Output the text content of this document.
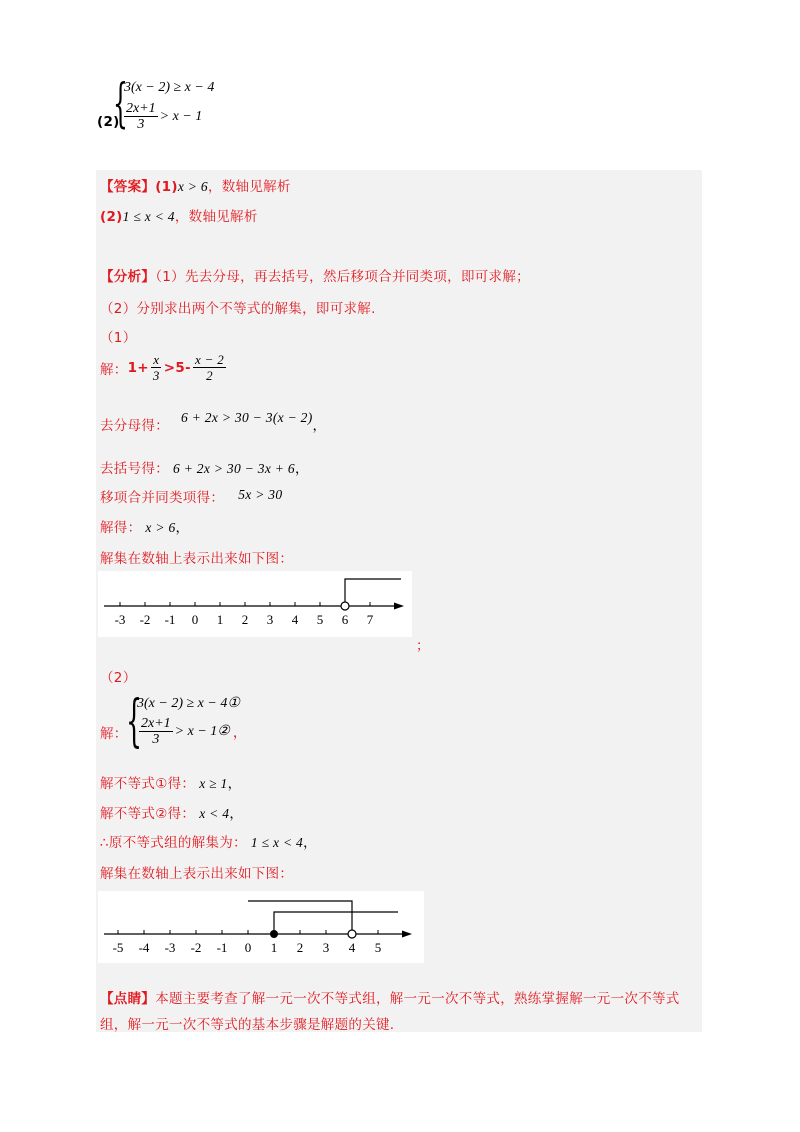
(2)
{
3(x − 2) ≥ x − 4
$\frac{2x+1}{3} > x - 1$
【答案】(1)x > 6，数轴见解析
(2)1 ≤ x < 4，数轴见解析
【分析】（1）先去分母，再去括号，然后移项合并同类项，即可求解；
（2）分别求出两个不等式的解集，即可求解.
（1）
解： $1+ \frac{x}{3} >5- \frac{x - 2}{2}$
去分母得：
6 + 2x > 30 − 3(x − 2)
，
去括号得： 6 + 2x > 30 − 3x + 6 ，
移项合并同类项得： 5x > 30
解得： x > 6 ，
解集在数轴上表示出来如下图：
-3 -2 -1 0 1 2 3 4 5 6 7
；
（2）
解：
{
3(x − 2) ≥ x − 4①
$\frac{2x+1}{3} > x$ − 1② ，
解不等式①得： x ≥ 1 ，
解不等式②得： x < 4 ，
∴原不等式组的解集为： 1 ≤ x < 4 ，
解集在数轴上表示出来如下图：
-5 -4 -3 -2 -1 0 1 2 3 4 5
【点睛】本题主要考查了解一元一次不等式组，解一元一次不等式，熟练掌握解一元一次不等式
组，解一元一次不等式的基本步骤是解题的关键.
